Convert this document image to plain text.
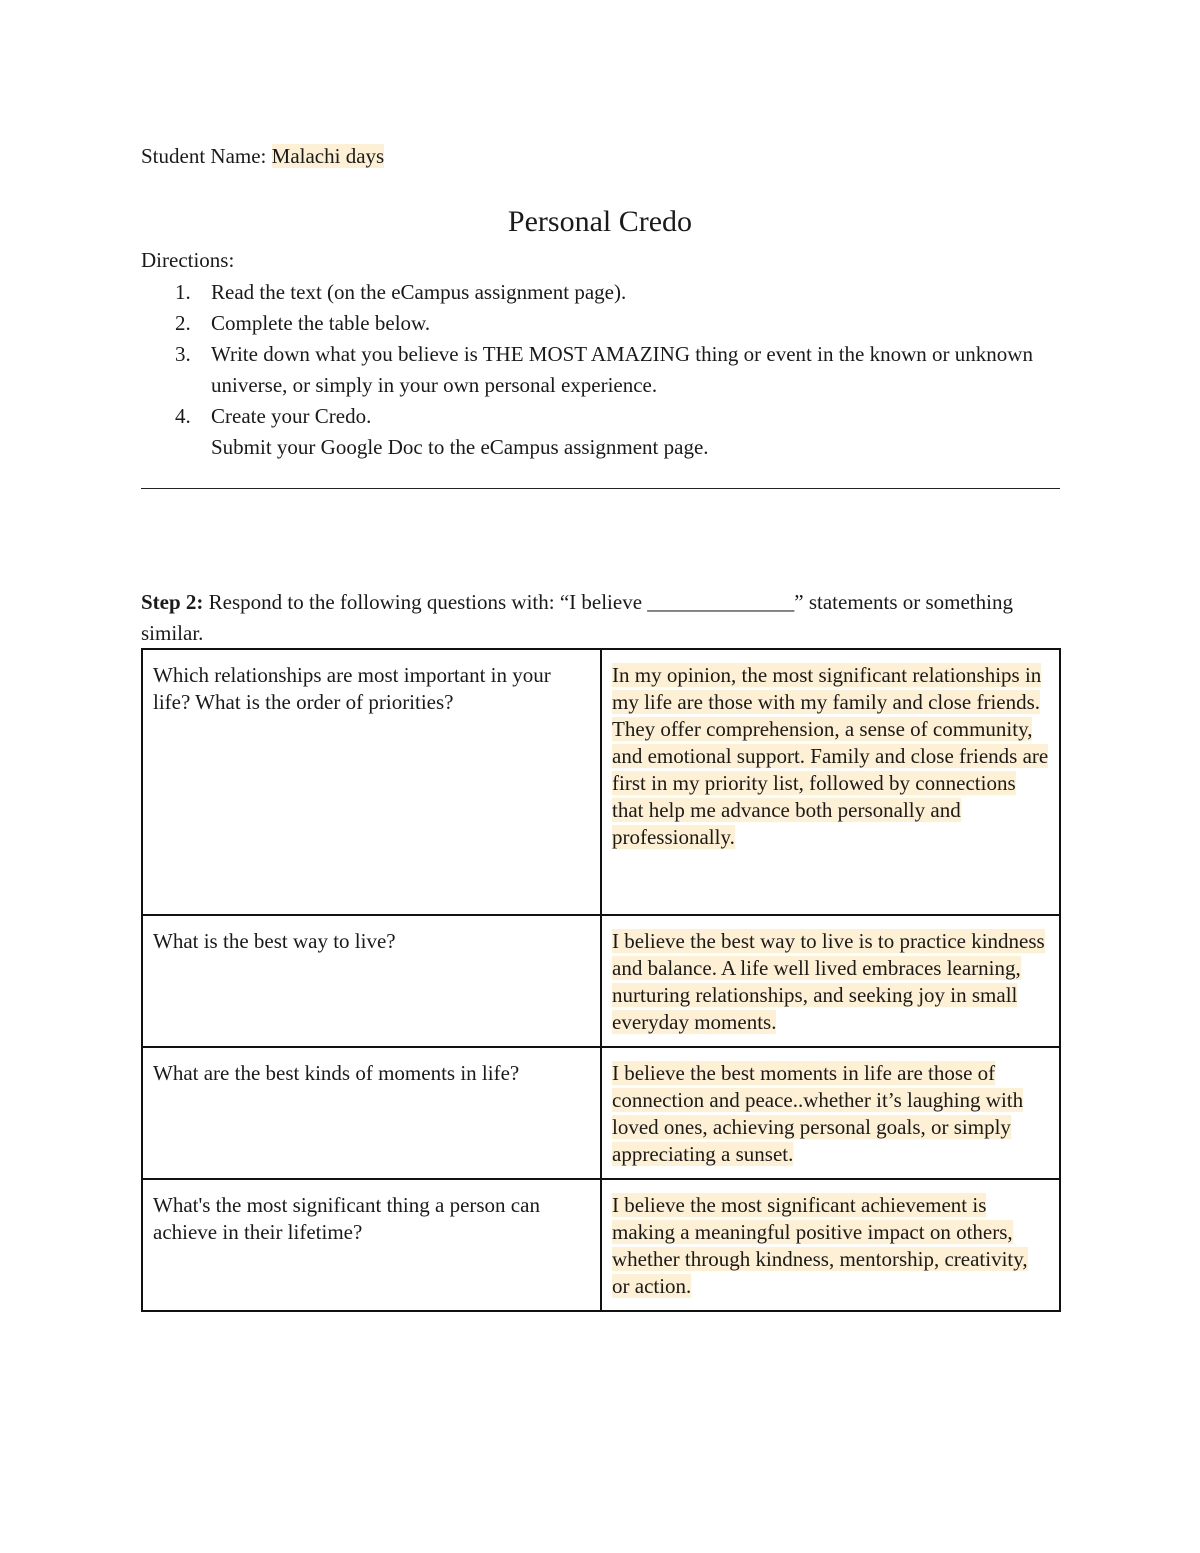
Student Name: Malachi days
Personal Credo
Directions:
1. Read the text (on the eCampus assignment page).
2. Complete the table below.
3. Write down what you believe is THE MOST AMAZING thing or event in the known or unknown universe, or simply in your own personal experience.
4. Create your Credo.
Submit your Google Doc to the eCampus assignment page.
Step 2: Respond to the following questions with: “I believe ______________” statements or something similar.
Which relationships are most important in your life? What is the order of priorities?	In my opinion, the most significant relationships in my life are those with my family and close friends. They offer comprehension, a sense of community, and emotional support. Family and close friends are first in my priority list, followed by connections that help me advance both personally and professionally.
What is the best way to live?	I believe the best way to live is to practice kindness and balance. A life well lived embraces learning, nurturing relationships, and seeking joy in small everyday moments.
What are the best kinds of moments in life?	I believe the best moments in life are those of connection and peace..whether it’s laughing with loved ones, achieving personal goals, or simply appreciating a sunset.
What's the most significant thing a person can achieve in their lifetime?	I believe the most significant achievement is making a meaningful positive impact on others, whether through kindness, mentorship, creativity, or action.
